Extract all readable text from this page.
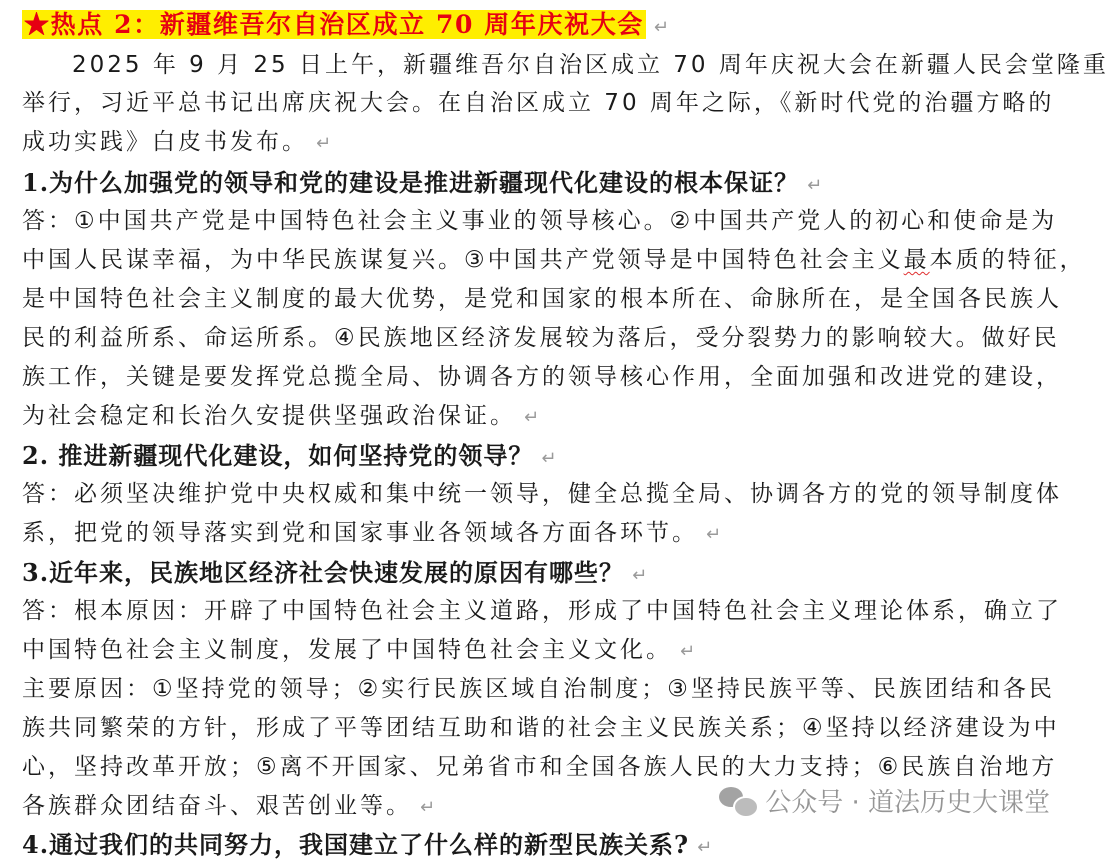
★热点 2：新疆维吾尔自治区成立 70 周年庆祝大会 ↵
2025 年 9 月 25 日上午，新疆维吾尔自治区成立 70 周年庆祝大会在新疆人民会堂隆重
举行，习近平总书记出席庆祝大会。在自治区成立 70 周年之际，《新时代党的治疆方略的
成功实践》白皮书发布。 ↵
1.为什么加强党的领导和党的建设是推进新疆现代化建设的根本保证？ ↵
答：①中国共产党是中国特色社会主义事业的领导核心。②中国共产党人的初心和使命是为
中国人民谋幸福，为中华民族谋复兴。③中国共产党领导是中国特色社会主义最本质的特征，
是中国特色社会主义制度的最大优势，是党和国家的根本所在、命脉所在，是全国各民族人
民的利益所系、命运所系。④民族地区经济发展较为落后，受分裂势力的影响较大。做好民
族工作，关键是要发挥党总揽全局、协调各方的领导核心作用，全面加强和改进党的建设，
为社会稳定和长治久安提供坚强政治保证。 ↵
2. 推进新疆现代化建设，如何坚持党的领导？ ↵
答：必须坚决维护党中央权威和集中统一领导，健全总揽全局、协调各方的党的领导制度体
系，把党的领导落实到党和国家事业各领域各方面各环节。 ↵
3.近年来，民族地区经济社会快速发展的原因有哪些？ ↵
答：根本原因：开辟了中国特色社会主义道路，形成了中国特色社会主义理论体系，确立了
中国特色社会主义制度，发展了中国特色社会主义文化。 ↵
主要原因：①坚持党的领导；②实行民族区域自治制度；③坚持民族平等、民族团结和各民
族共同繁荣的方针，形成了平等团结互助和谐的社会主义民族关系；④坚持以经济建设为中
心，坚持改革开放；⑤离不开国家、兄弟省市和全国各族人民的大力支持；⑥民族自治地方
各族群众团结奋斗、艰苦创业等。 ↵
4.通过我们的共同努力，我国建立了什么样的新型民族关系? ↵
公众号 · 道法历史大课堂
